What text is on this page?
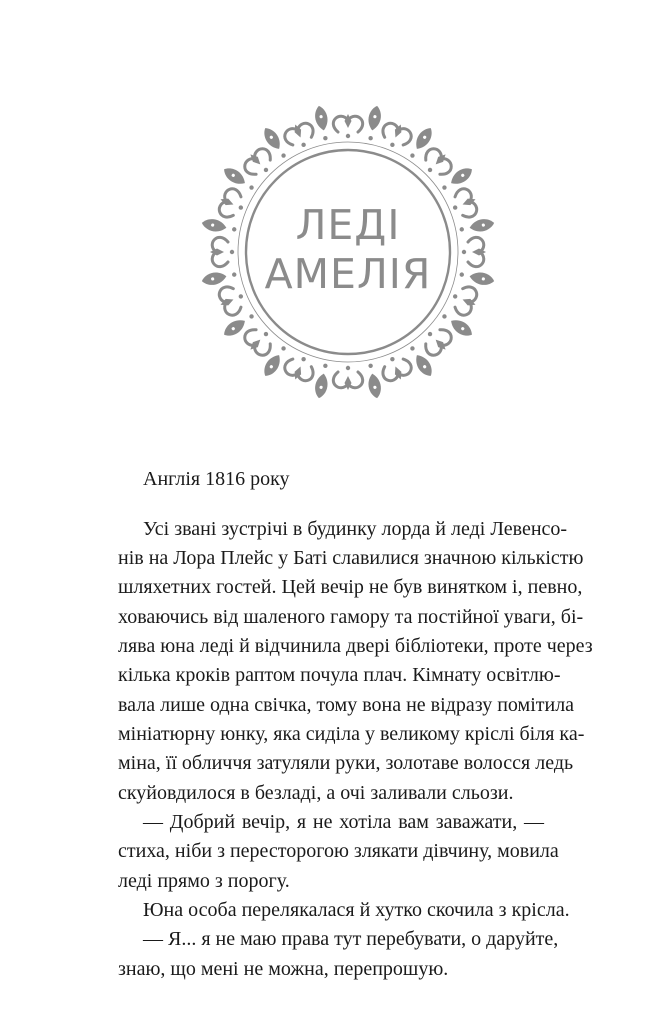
ЛЕДІ
АМЕЛІЯ
Англія 1816 року
Усі звані зустрічі в будинку лорда й леді Левенсо-
нів на Лора Плейс у Баті славилися значною кількістю
шляхетних гостей. Цей вечір не був винятком і, певно,
ховаючись від шаленого гамору та постійної уваги, бі-
лява юна леді й відчинила двері бібліотеки, проте через
кілька кроків раптом почула плач. Кімнату освітлю-
вала лише одна свічка, тому вона не відразу помітила
мініатюрну юнку, яка сиділа у великому кріслі біля ка-
міна, її обличчя затуляли руки, золотаве волосся ледь
скуйовдилося в безладі, а очі заливали сльози.
— Добрий вечір, я не хотіла вам заважати, —
стиха, ніби з пересторогою злякати дівчину, мовила
леді прямо з порогу.
Юна особа перелякалася й хутко скочила з крісла.
— Я... я не маю права тут перебувати, о даруйте,
знаю, що мені не можна, перепрошую.
